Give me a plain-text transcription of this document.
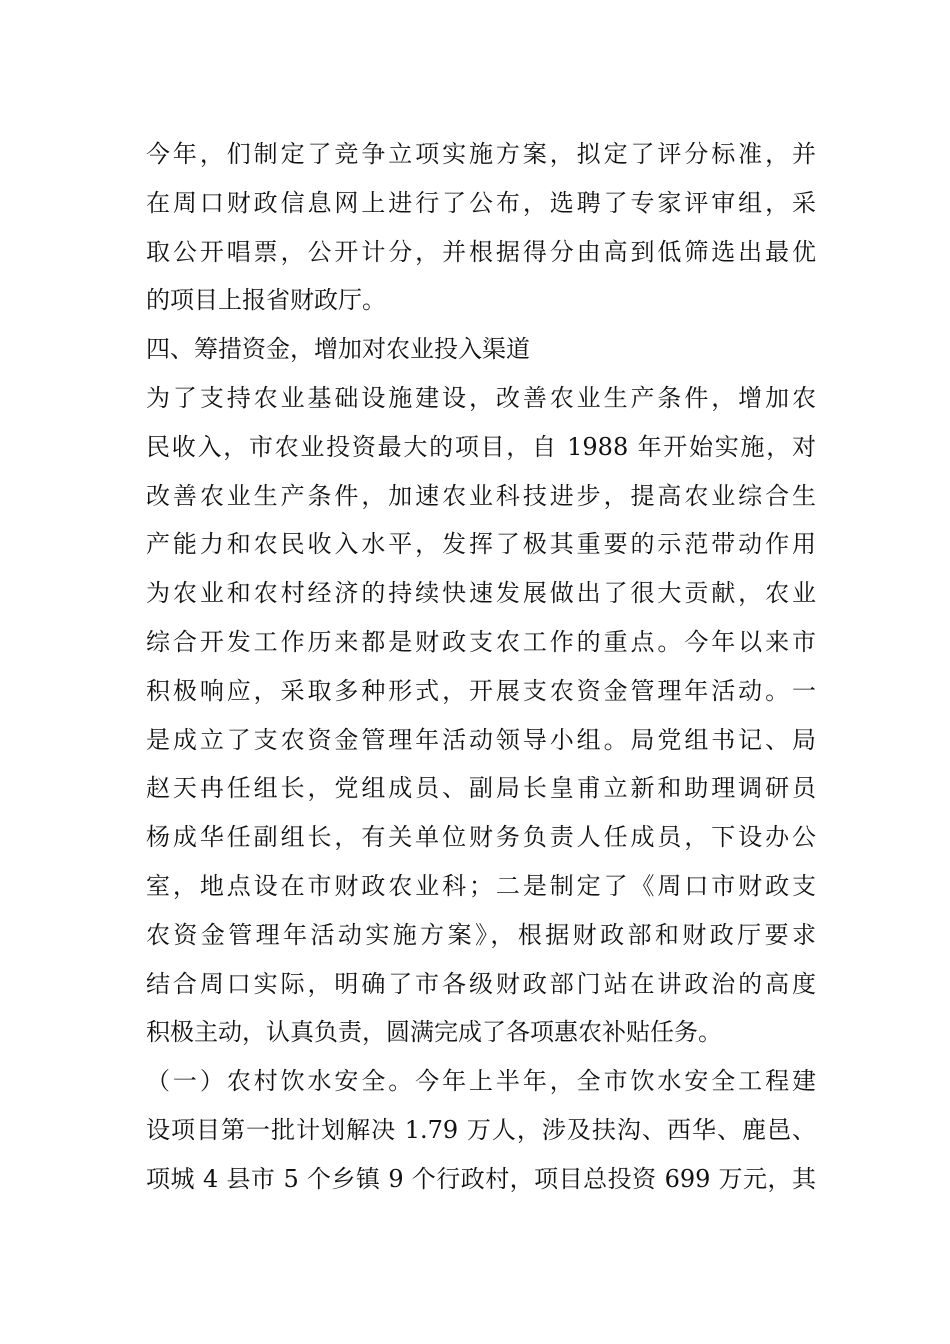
今年，们制定了竞争立项实施方案，拟定了评分标准，并
在周口财政信息网上进行了公布，选聘了专家评审组，采
取公开唱票，公开计分，并根据得分由高到低筛选出最优
的项目上报省财政厅。
四、筹措资金，增加对农业投入渠道
为了支持农业基础设施建设，改善农业生产条件，增加农
民收入，市农业投资最大的项目，自 1988 年开始实施，对
改善农业生产条件，加速农业科技进步，提高农业综合生
产能力和农民收入水平，发挥了极其重要的示范带动作用
为农业和农村经济的持续快速发展做出了很大贡献，农业
综合开发工作历来都是财政支农工作的重点。今年以来市
积极响应，采取多种形式，开展支农资金管理年活动。一
是成立了支农资金管理年活动领导小组。局党组书记、局
赵天冉任组长，党组成员、副局长皇甫立新和助理调研员
杨成华任副组长，有关单位财务负责人任成员，下设办公
室，地点设在市财政农业科；二是制定了《周口市财政支
农资金管理年活动实施方案》，根据财政部和财政厅要求
结合周口实际，明确了市各级财政部门站在讲政治的高度
积极主动，认真负责，圆满完成了各项惠农补贴任务。
（一）农村饮水安全。今年上半年，全市饮水安全工程建
设项目第一批计划解决 1.79 万人，涉及扶沟、西华、鹿邑、
项城 4 县市 5 个乡镇 9 个行政村，项目总投资 699 万元，其
